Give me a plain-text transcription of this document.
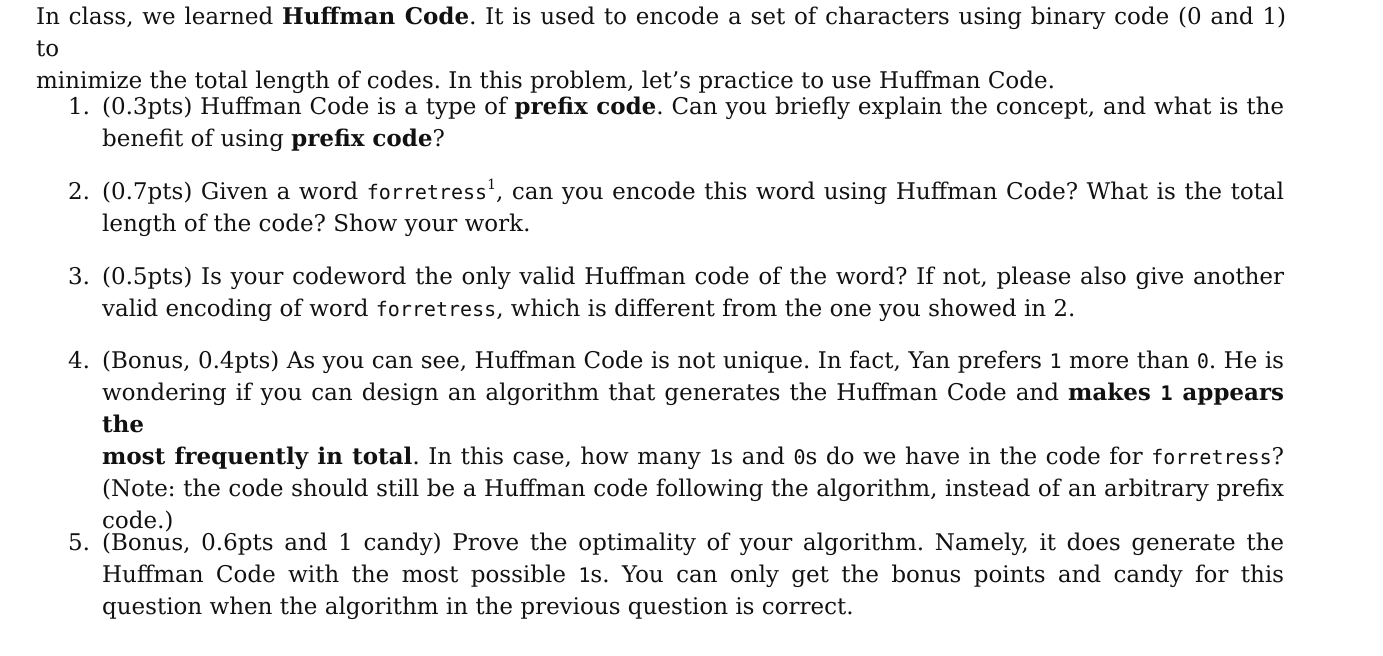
In class, we learned Huffman Code. It is used to encode a set of characters using binary code (0 and 1) to
minimize the total length of codes. In this problem, let’s practice to use Huffman Code.
1. (0.3pts) Huffman Code is a type of prefix code. Can you briefly explain the concept, and what is the
benefit of using prefix code?
2. (0.7pts) Given a word forretress$^1$, can you encode this word using Huffman Code? What is the total
length of the code? Show your work.
3. (0.5pts) Is your codeword the only valid Huffman code of the word? If not, please also give another
valid encoding of word forretress, which is different from the one you showed in 2.
4. (Bonus, 0.4pts) As you can see, Huffman Code is not unique. In fact, Yan prefers 1 more than 0. He is
wondering if you can design an algorithm that generates the Huffman Code and makes 1 appears the
most frequently in total. In this case, how many 1s and 0s do we have in the code for forretress?
(Note: the code should still be a Huffman code following the algorithm, instead of an arbitrary prefix
code.)
5. (Bonus, 0.6pts and 1 candy) Prove the optimality of your algorithm. Namely, it does generate the
Huffman Code with the most possible 1s. You can only get the bonus points and candy for this
question when the algorithm in the previous question is correct.
